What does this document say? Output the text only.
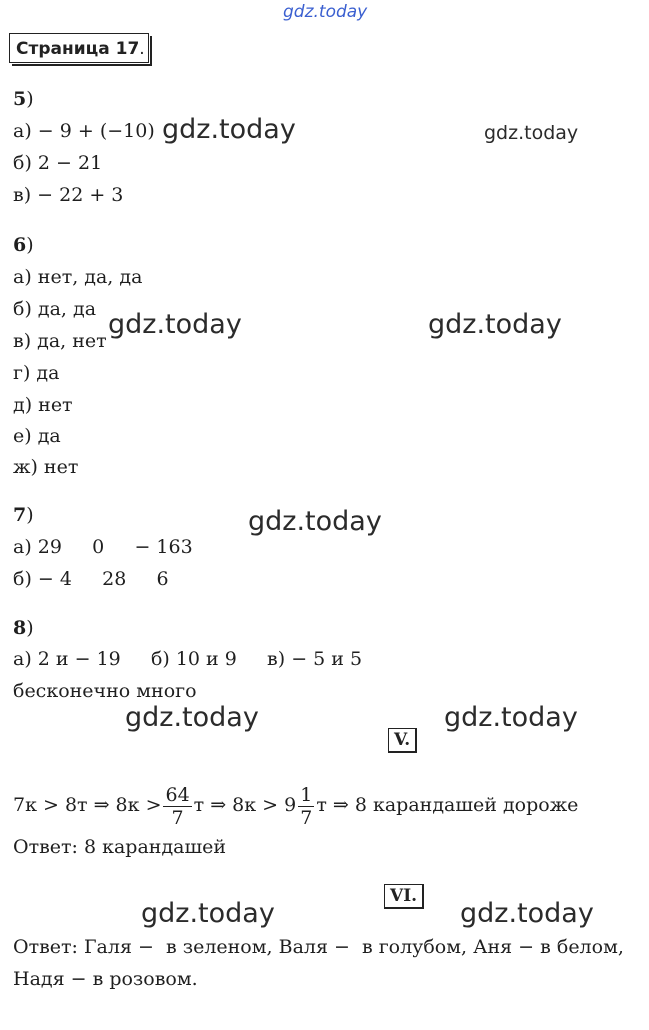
gdz.today
Страница 17.
5)
а) − 9 + (−10)
б) 2 − 21
в) − 22 + 3
gdz.today	gdz.today
6)
а) нет, да, да
б) да, да
в) да, нет
г) да
д) нет
е) да
ж) нет
gdz.today	gdz.today
7)
а) 29     0     − 163
б) − 4     28     6
gdz.today
8)
а) 2 и − 19     б) 10 и 9     в) − 5 и 5
бесконечно много
gdz.today	gdz.today
V.
7к > 8т ⇒ $8к > \frac{64}{7}$ т ⇒ $8к > 9 \frac{1}{7}$ т ⇒ 8 карандашей дороже
Ответ: 8 карандашей
VI.
gdz.today	gdz.today
Ответ: Галя −  в зеленом, Валя −  в голубом, Аня − в белом,
Надя − в розовом.
